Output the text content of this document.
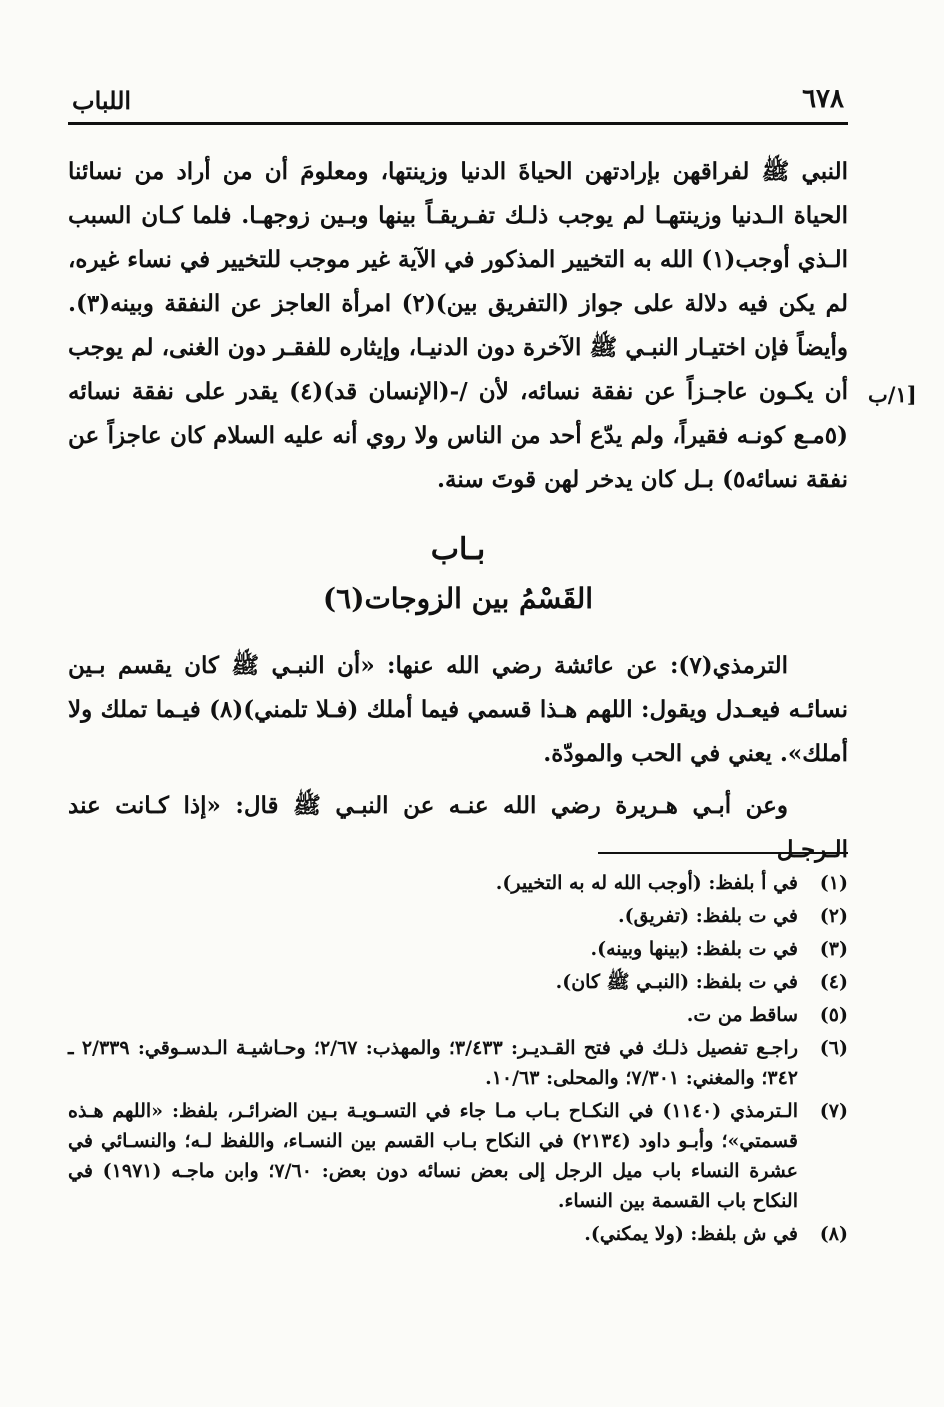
٦٧٨
اللباب
١/ب]

النبي ﷺ لفراقهن بإرادتهن الحياةَ الدنيا وزينتها، ومعلومَ أن من أراد من نسائنا الحياة الـدنيا وزينتهـا لم يوجب ذلـك تفـريقـاً بينها وبـين زوجهـا. فلما كـان السبب الـذي أوجب(١) الله به التخيير المذكور في الآية غير موجب للتخيير في نساء غيره، لم يكن فيه دلالة على جواز (التفريق بين)(٢) امرأة العاجز عن النفقة وبينه(٣). وأيضاً فإن اختيـار النبـي ﷺ الآخرة دون الدنيـا، وإيثاره للفقـر دون الغنى، لم يوجب أن يكـون عاجـزاً عن نفقة نسائه، لأن /-(الإنسان قد)(٤) يقدر على نفقة نسائه (٥مـع كونـه فقيراً، ولم يدّع أحد من الناس ولا روي أنه عليه السلام كان عاجزاً عن نفقة نسائه٥) بـل كان يدخر لهن قوتَ سنة.

بـاب
القَسْمُ بين الزوجات(٦)

الترمذي(٧): عن عائشة رضي الله عنها: «أن النبـي ﷺ كان يقسم بـين نسائـه فيعـدل ويقول: اللهم هـذا قسمي فيما أملك (فـلا تلمني)(٨) فيـما تملك ولا أملك». يعني في الحب والمودّة.

وعن أبـي هـريرة رضي الله عنـه عن النبـي ﷺ قال: «إذا كـانت عند الـرجـل

(١)
في أ بلفظ: (أوجب الله له به التخيير).
(٢)
في ت بلفظ: (تفريق).
(٣)
في ت بلفظ: (بينها وبينه).
(٤)
في ت بلفظ: (النبـي ﷺ كان).
(٥)
ساقط من ت.
(٦)
راجـع تفصيل ذلـك في فتح القـديـر: ٣/٤٣٣؛ والمهذب: ٢/٦٧؛ وحـاشيـة الـدسـوقي: ٢/٣٣٩ ـ ٣٤٢؛ والمغني: ٧/٣٠١؛ والمحلى: ١٠/٦٣.
(٧)
الـترمذي (١١٤٠) في النكـاح بـاب مـا جاء في التسـويـة بـين الضرائـر، بلفظ: «اللهم هـذه قسمتي»؛ وأبـو داود (٢١٣٤) في النكاح بـاب القسم بين النسـاء، واللفظ لـه؛ والنسـائي في عشرة النساء باب ميل الرجل إلى بعض نسائه دون بعض: ٧/٦٠؛ وابن ماجـه (١٩٧١) في النكاح باب القسمة بين النساء.
(٨)
في ش بلفظ: (ولا يمكني).
